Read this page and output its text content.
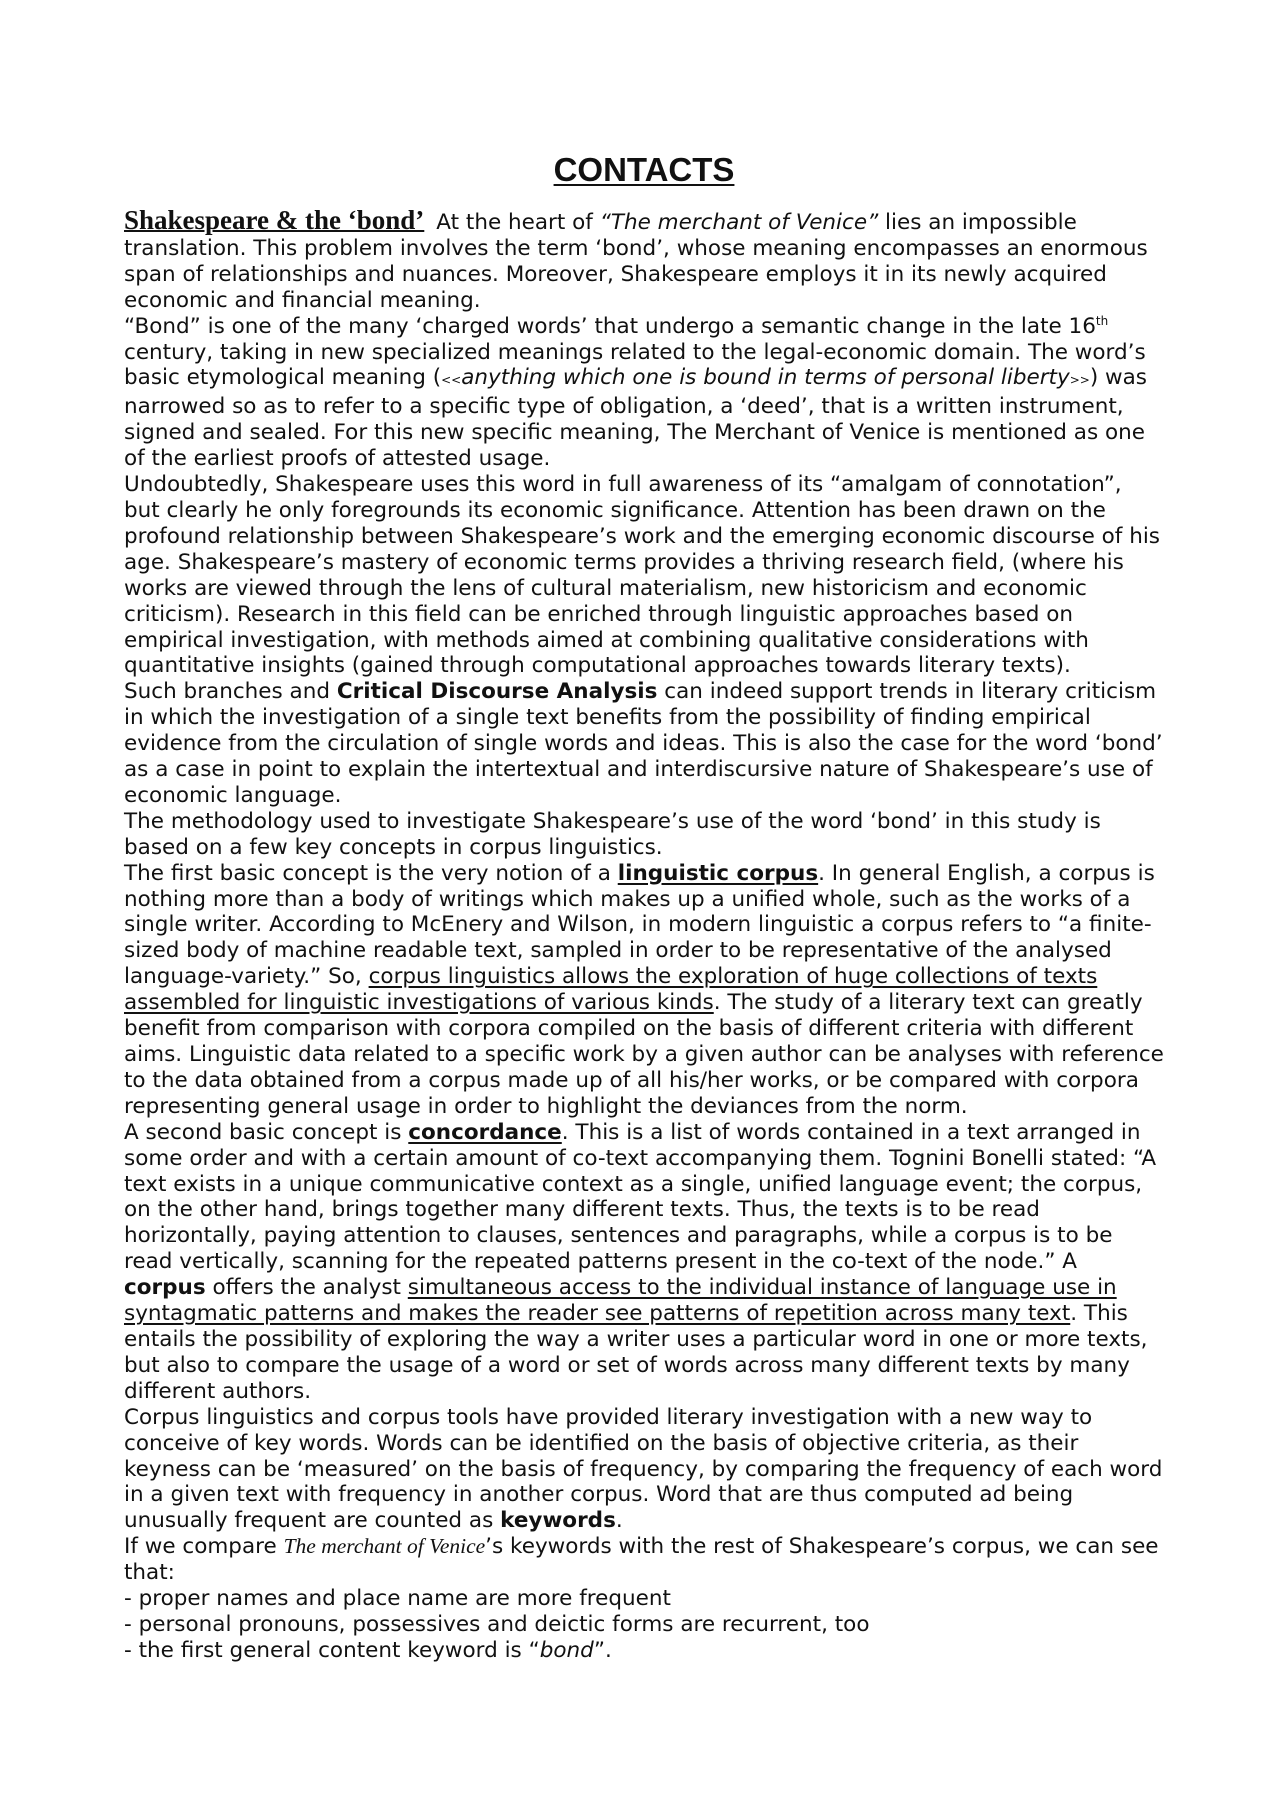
CONTACTS

Shakespeare & the ‘bond’ At the heart of “The merchant of Venice” lies an impossible translation. This problem involves the term ‘bond’, whose meaning encompasses an enormous span of relationships and nuances. Moreover, Shakespeare employs it in its newly acquired economic and financial meaning.

“Bond” is one of the many ‘charged words’ that undergo a semantic change in the late 16th century, taking in new specialized meanings related to the legal-economic domain. The word’s basic etymological meaning (<<anything which one is bound in terms of personal liberty>>) was narrowed so as to refer to a specific type of obligation, a ‘deed’, that is a written instrument, signed and sealed. For this new specific meaning, The Merchant of Venice is mentioned as one of the earliest proofs of attested usage.

Undoubtedly, Shakespeare uses this word in full awareness of its “amalgam of connotation”, but clearly he only foregrounds its economic significance. Attention has been drawn on the profound relationship between Shakespeare’s work and the emerging economic discourse of his age. Shakespeare’s mastery of economic terms provides a thriving research field, (where his works are viewed through the lens of cultural materialism, new historicism and economic criticism). Research in this field can be enriched through linguistic approaches based on empirical investigation, with methods aimed at combining qualitative considerations with quantitative insights (gained through computational approaches towards literary texts).

Such branches and Critical Discourse Analysis can indeed support trends in literary criticism in which the investigation of a single text benefits from the possibility of finding empirical evidence from the circulation of single words and ideas. This is also the case for the word ‘bond’ as a case in point to explain the intertextual and interdiscursive nature of Shakespeare’s use of economic language.

The methodology used to investigate Shakespeare’s use of the word ‘bond’ in this study is based on a few key concepts in corpus linguistics.

The first basic concept is the very notion of a linguistic corpus. In general English, a corpus is nothing more than a body of writings which makes up a unified whole, such as the works of a single writer. According to McEnery and Wilson, in modern linguistic a corpus refers to “a finite-sized body of machine readable text, sampled in order to be representative of the analysed language-variety.” So, corpus linguistics allows the exploration of huge collections of texts assembled for linguistic investigations of various kinds. The study of a literary text can greatly benefit from comparison with corpora compiled on the basis of different criteria with different aims. Linguistic data related to a specific work by a given author can be analyses with reference to the data obtained from a corpus made up of all his/her works, or be compared with corpora representing general usage in order to highlight the deviances from the norm.

A second basic concept is concordance. This is a list of words contained in a text arranged in some order and with a certain amount of co-text accompanying them. Tognini Bonelli stated: “A text exists in a unique communicative context as a single, unified language event; the corpus, on the other hand, brings together many different texts. Thus, the texts is to be read horizontally, paying attention to clauses, sentences and paragraphs, while a corpus is to be read vertically, scanning for the repeated patterns present in the co-text of the node.” A corpus offers the analyst simultaneous access to the individual instance of language use in syntagmatic patterns and makes the reader see patterns of repetition across many text. This entails the possibility of exploring the way a writer uses a particular word in one or more texts, but also to compare the usage of a word or set of words across many different texts by many different authors.

Corpus linguistics and corpus tools have provided literary investigation with a new way to conceive of key words. Words can be identified on the basis of objective criteria, as their keyness can be ‘measured’ on the basis of frequency, by comparing the frequency of each word in a given text with frequency in another corpus. Word that are thus computed ad being unusually frequent are counted as keywords.

If we compare The merchant of Venice’s keywords with the rest of Shakespeare’s corpus, we can see that:

- proper names and place name are more frequent

- personal pronouns, possessives and deictic forms are recurrent, too

- the first general content keyword is “bond”.
